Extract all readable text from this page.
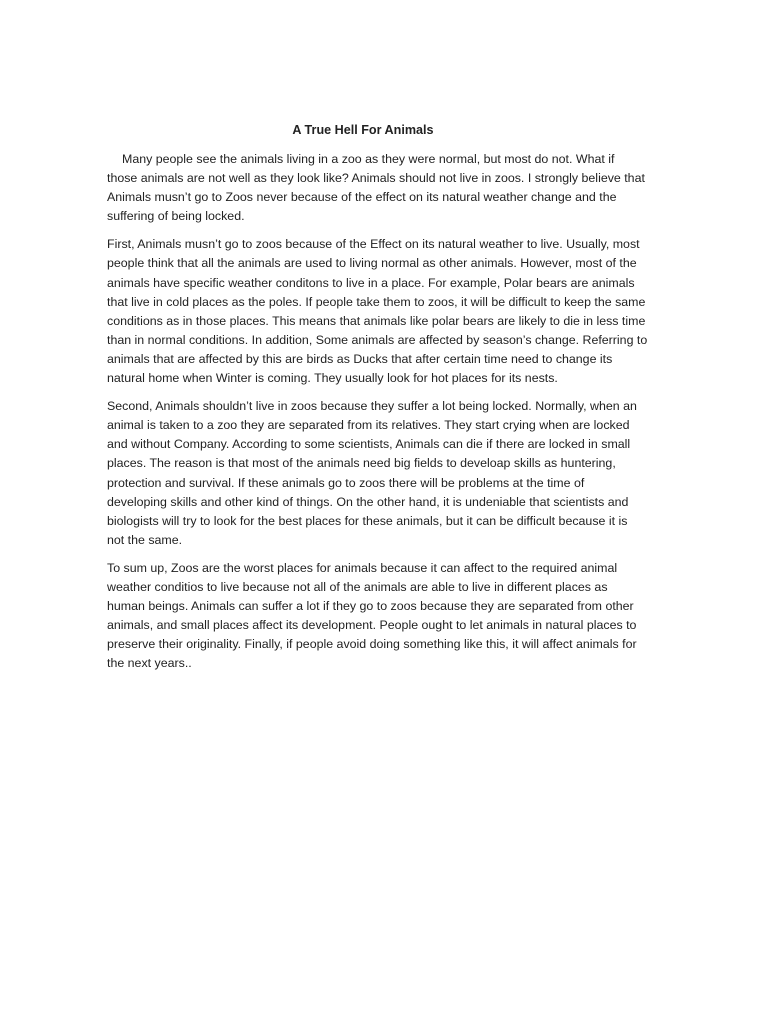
A True Hell For Animals

Many people see the animals living in a zoo as they were normal, but most do not. What if
those animals are not well as they look like? Animals should not live in zoos. I strongly believe that
Animals musn’t go to Zoos never because of the effect on its natural weather change and the
suffering of being locked.

First, Animals musn’t go to zoos because of the Effect on its natural weather to live. Usually, most
people think that all the animals are used to living normal as other animals. However, most of the
animals have specific weather conditons to live in a place. For example, Polar bears are animals
that live in cold places as the poles. If people take them to zoos, it will be difficult to keep the same
conditions as in those places. This means that animals like polar bears are likely to die in less time
than in normal conditions. In addition, Some animals are affected by season’s change. Referring to
animals that are affected by this are birds as Ducks that after certain time need to change its
natural home when Winter is coming. They usually look for hot places for its nests.

Second, Animals shouldn’t live in zoos because they suffer a lot being locked. Normally, when an
animal is taken to a zoo they are separated from its relatives. They start crying when are locked
and without Company. According to some scientists, Animals can die if there are locked in small
places. The reason is that most of the animals need big fields to develoap skills as huntering,
protection and survival. If these animals go to zoos there will be problems at the time of
developing skills and other kind of things. On the other hand, it is undeniable that scientists and
biologists will try to look for the best places for these animals, but it can be difficult because it is
not the same.

To sum up, Zoos are the worst places for animals because it can affect to the required animal
weather conditios to live because not all of the animals are able to live in different places as
human beings. Animals can suffer a lot if they go to zoos because they are separated from other
animals, and small places affect its development. People ought to let animals in natural places to
preserve their originality. Finally, if people avoid doing something like this, it will affect animals for
the next years..
